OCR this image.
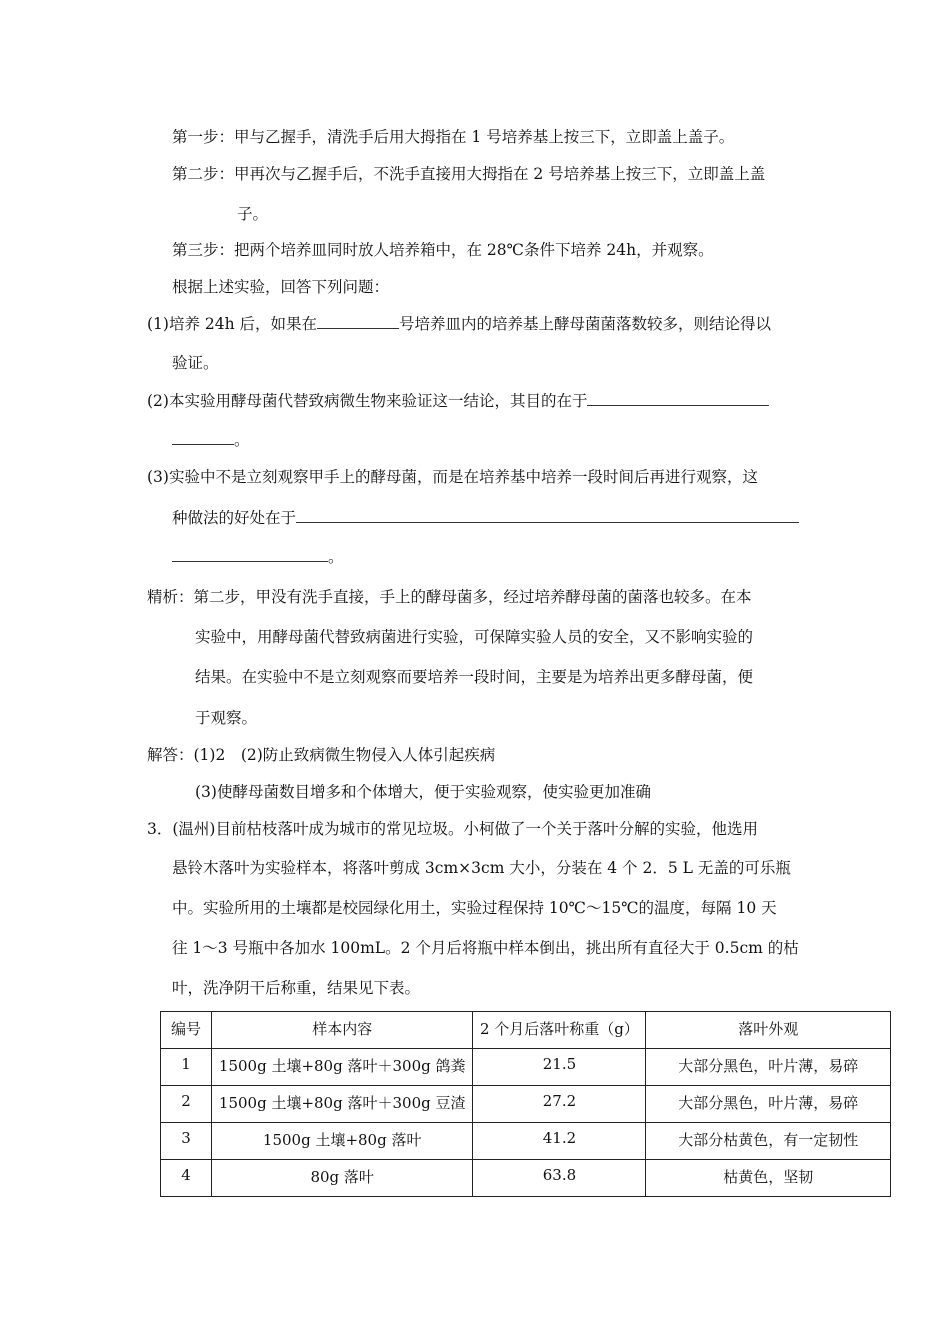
第一步：甲与乙握手，清洗手后用大拇指在 1 号培养基上按三下，立即盖上盖子。
第二步：甲再次与乙握手后，不洗手直接用大拇指在 2 号培养基上按三下，立即盖上盖
子。
第三步：把两个培养皿同时放人培养箱中，在 28℃条件下培养 24h，并观察。
根据上述实验，回答下列问题：
(1)培养 24h 后，如果在	号培养皿内的培养基上酵母菌菌落数较多，则结论得以
验证。
(2)本实验用酵母菌代替致病微生物来验证这一结论，其目的在于
。
(3)实验中不是立刻观察甲手上的酵母菌，而是在培养基中培养一段时间后再进行观察，这
种做法的好处在于
。
精析：第二步，甲没有洗手直接，手上的酵母菌多，经过培养酵母菌的菌落也较多。在本
实验中，用酵母菌代替致病菌进行实验，可保障实验人员的安全，又不影响实验的
结果。在实验中不是立刻观察而要培养一段时间，主要是为培养出更多酵母菌，便
于观察。
解答：(1)2　(2)防止致病微生物侵入人体引起疾病
(3)使酵母菌数目增多和个体增大，便于实验观察，使实验更加准确
3．(温州)目前枯枝落叶成为城市的常见垃圾。小柯做了一个关于落叶分解的实验，他选用
悬铃木落叶为实验样本，将落叶剪成 3cm×3cm 大小，分装在 4 个 2．5 L 无盖的可乐瓶
中。实验所用的土壤都是校园绿化用土，实验过程保持 10℃～15℃的温度，每隔 10 天
往 1～3 号瓶中各加水 100mL。2 个月后将瓶中样本倒出，挑出所有直径大于 0.5cm 的枯
叶，洗净阴干后称重，结果见下表。
编号	样本内容	2 个月后落叶称重（g）	落叶外观
1	1500g 土壤+80g 落叶＋300g 鸽粪	21.5	大部分黑色，叶片薄，易碎
2	1500g 土壤+80g 落叶＋300g 豆渣	27.2	大部分黑色，叶片薄，易碎
3	1500g 土壤+80g 落叶	41.2	大部分枯黄色，有一定韧性
4	80g 落叶	63.8	枯黄色，坚韧
